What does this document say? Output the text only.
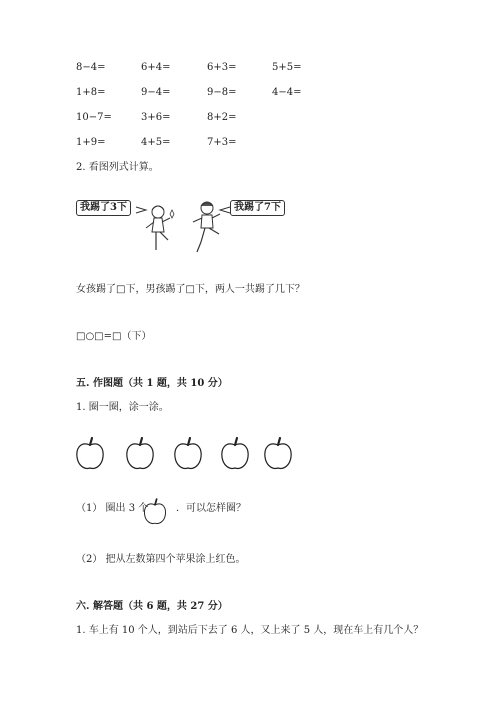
8−4=	6+4=	6+3=	5+5=
1+8=	9−4=	9−8=	4−4=
10−7=	3+6=	8+2=
1+9=	4+5=	7+3=
2. 看图列式计算。
我踢了3下	我踢了7下
女孩踢了□下，男孩踢了□下，两人一共踢了几下？
□○□=□（下）
五. 作图题（共 1 题，共 10 分）
1. 圈一圈，涂一涂。
（1） 圈出 3 个	．可以怎样圈？
（2） 把从左数第四个苹果涂上红色。
六. 解答题（共 6 题，共 27 分）
1. 车上有 10 个人，到站后下去了 6 人，又上来了 5 人，现在车上有几个人？
